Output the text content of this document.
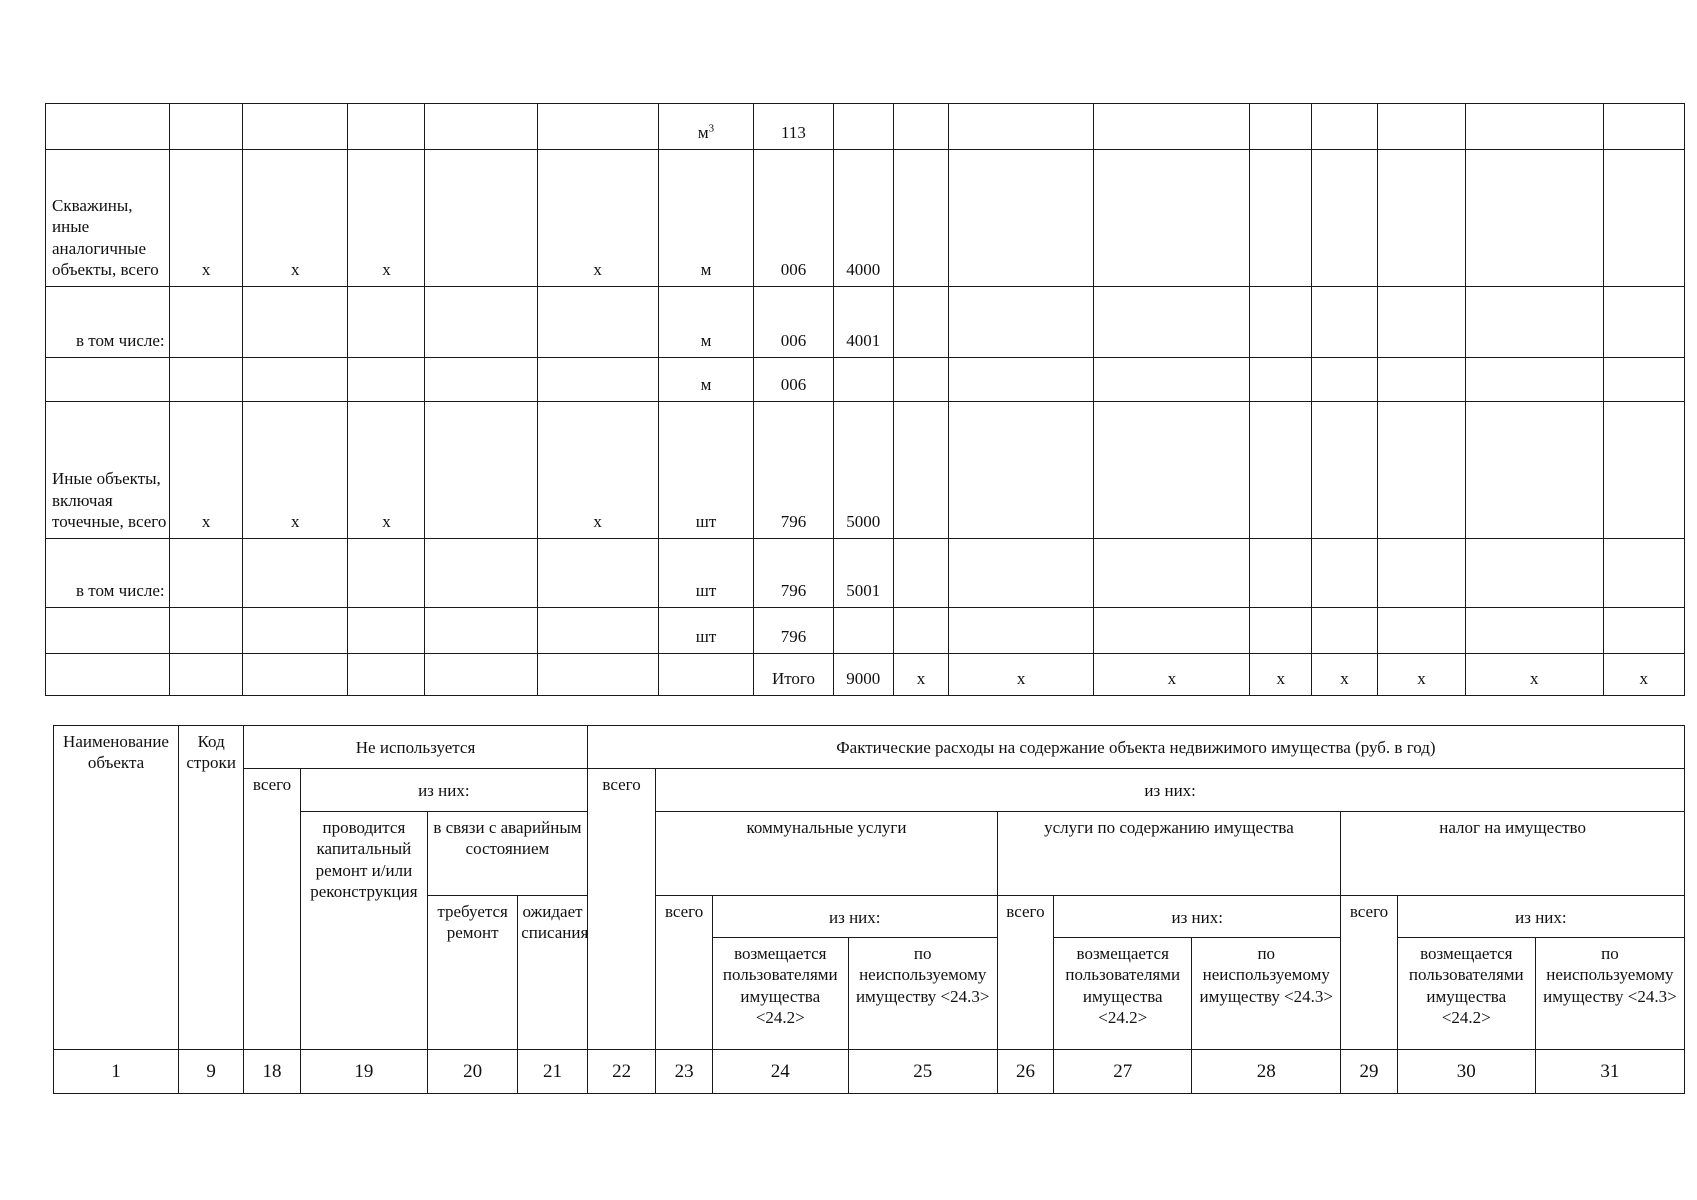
						$м^3$	113									
Скважины, иные аналогичные объекты, всего	x	x	x		x	м	006	4000								
в том числе:						м	006	4001								
						м	006									
Иные объекты, включая точечные, всего	x	x	x		x	шт	796	5000								
в том числе:						шт	796	5001								
						шт	796									
							Итого	9000	x	x	x	x	x	x	x	x
Наименование объекта	Код строки	Не используется				Фактические расходы на содержание объекта недвижимого имущества (руб. в год)									
		всего	из них:			всего	из них:								
			проводится капитальный ремонт и/или реконструкция	в связи с аварийным состоянием			коммунальные услуги			услуги по содержанию имущества			налог на имущество		
				требуется ремонт	ожидает списания		всего	из них:		всего	из них:		всего	из них:	
								возмещается пользователями имущества <24.2>	по неиспользуемому имуществу <24.3>		возмещается пользователями имущества <24.2>	по неиспользуемому имуществу <24.3>		возмещается пользователями имущества <24.2>	по неиспользуемому имуществу <24.3>
1	9	18	19	20	21	22	23	24	25	26	27	28	29	30	31
